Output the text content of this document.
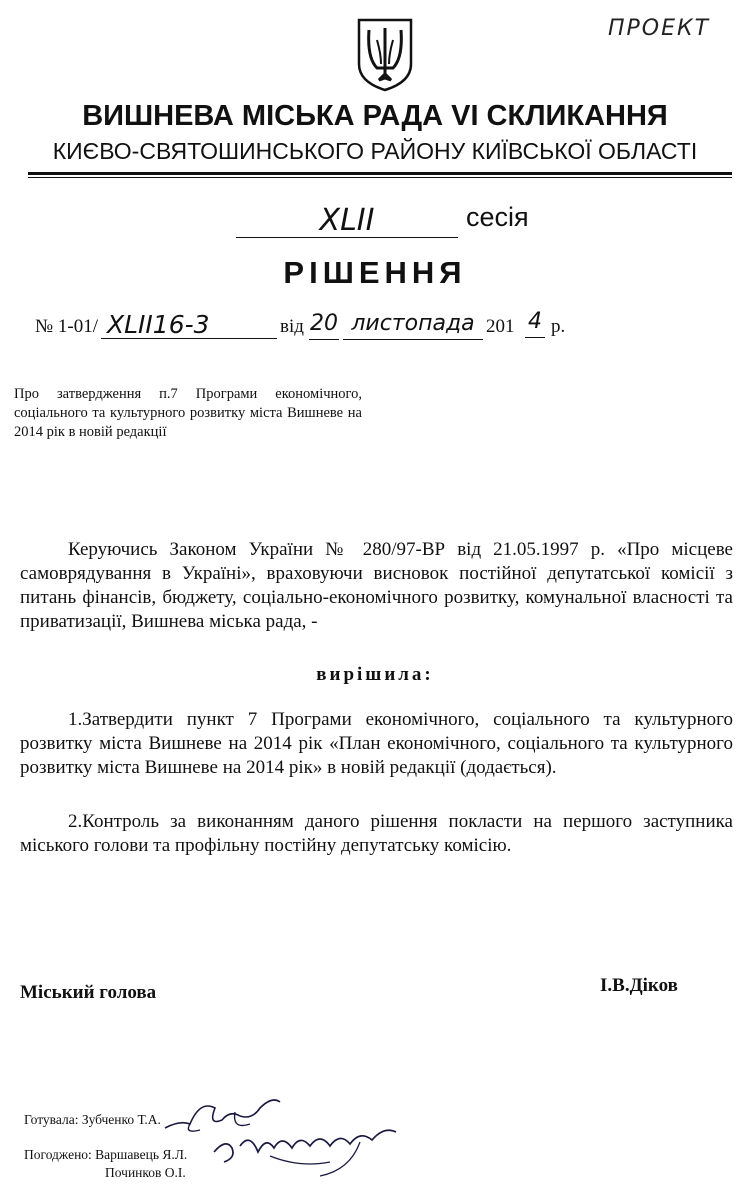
ПРОЕКТ
ВИШНЕВА МІСЬКА РАДА VI СКЛИКАННЯ
КИЄВО-СВЯТОШИНСЬКОГО РАЙОНУ КИЇВСЬКОЇ ОБЛАСТІ
XLII	сесія
РІШЕННЯ
№ 1-01/ XLII16-3	від 20 листопада 201 4 р.
Про затвердження п.7 Програми економічного, соціального та культурного розвитку міста Вишневе на 2014 рік в новій редакції
Керуючись Законом України № 280/97-ВР від 21.05.1997 р. «Про місцеве самоврядування в Україні», враховуючи висновок постійної депутатської комісії з питань фінансів, бюджету, соціально-економічного розвитку, комунальної власності та приватизації, Вишнева міська рада, -
вирішила:
1.Затвердити пункт 7 Програми економічного, соціального та культурного розвитку міста Вишневе на 2014 рік «План економічного, соціального та культурного розвитку міста Вишневе на 2014 рік» в новій редакції (додається).
2.Контроль за виконанням даного рішення покласти на першого заступника міського голови та профільну постійну депутатську комісію.
Міський голова	І.В.Діков
Готувала: Зубченко Т.А.
Погоджено: Варшавець Я.Л.
Починков О.І.
